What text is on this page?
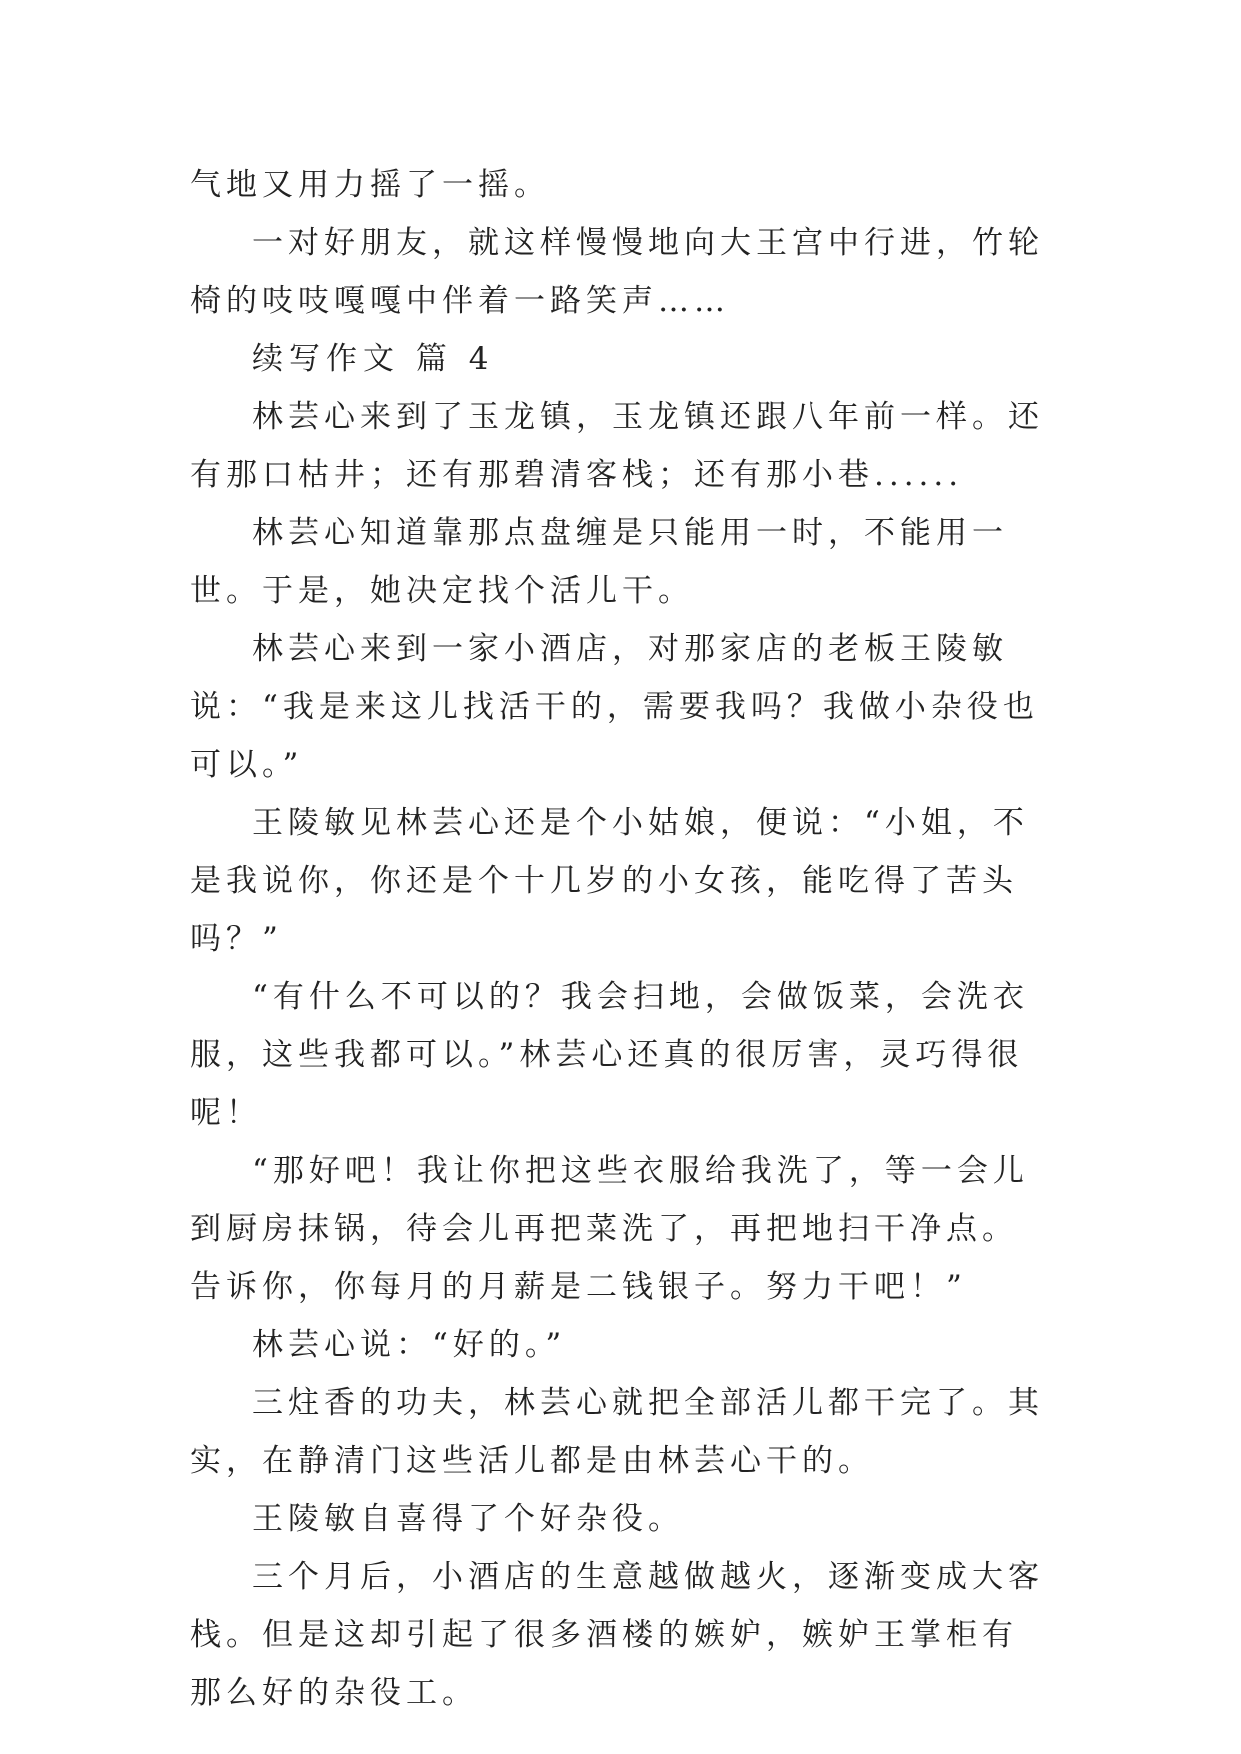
气地又用力摇了一摇。

一对好朋友，就这样慢慢地向大王宫中行进，竹轮椅的吱吱嘎嘎中伴着一路笑声……

续写作文 篇 4

林芸心来到了玉龙镇，玉龙镇还跟八年前一样。还有那口枯井；还有那碧清客栈；还有那小巷......

林芸心知道靠那点盘缠是只能用一时，不能用一世。于是，她决定找个活儿干。

林芸心来到一家小酒店，对那家店的老板王陵敏说：“我是来这儿找活干的，需要我吗？我做小杂役也可以。”

王陵敏见林芸心还是个小姑娘，便说：“小姐，不是我说你，你还是个十几岁的小女孩，能吃得了苦头吗？”

“有什么不可以的？我会扫地，会做饭菜，会洗衣服，这些我都可以。”林芸心还真的很厉害，灵巧得很呢！

“那好吧！我让你把这些衣服给我洗了，等一会儿到厨房抹锅，待会儿再把菜洗了，再把地扫干净点。告诉你，你每月的月薪是二钱银子。努力干吧！”

林芸心说：“好的。”

三炷香的功夫，林芸心就把全部活儿都干完了。其实，在静清门这些活儿都是由林芸心干的。

王陵敏自喜得了个好杂役。

三个月后，小酒店的生意越做越火，逐渐变成大客栈。但是这却引起了很多酒楼的嫉妒，嫉妒王掌柜有那么好的杂役工。
